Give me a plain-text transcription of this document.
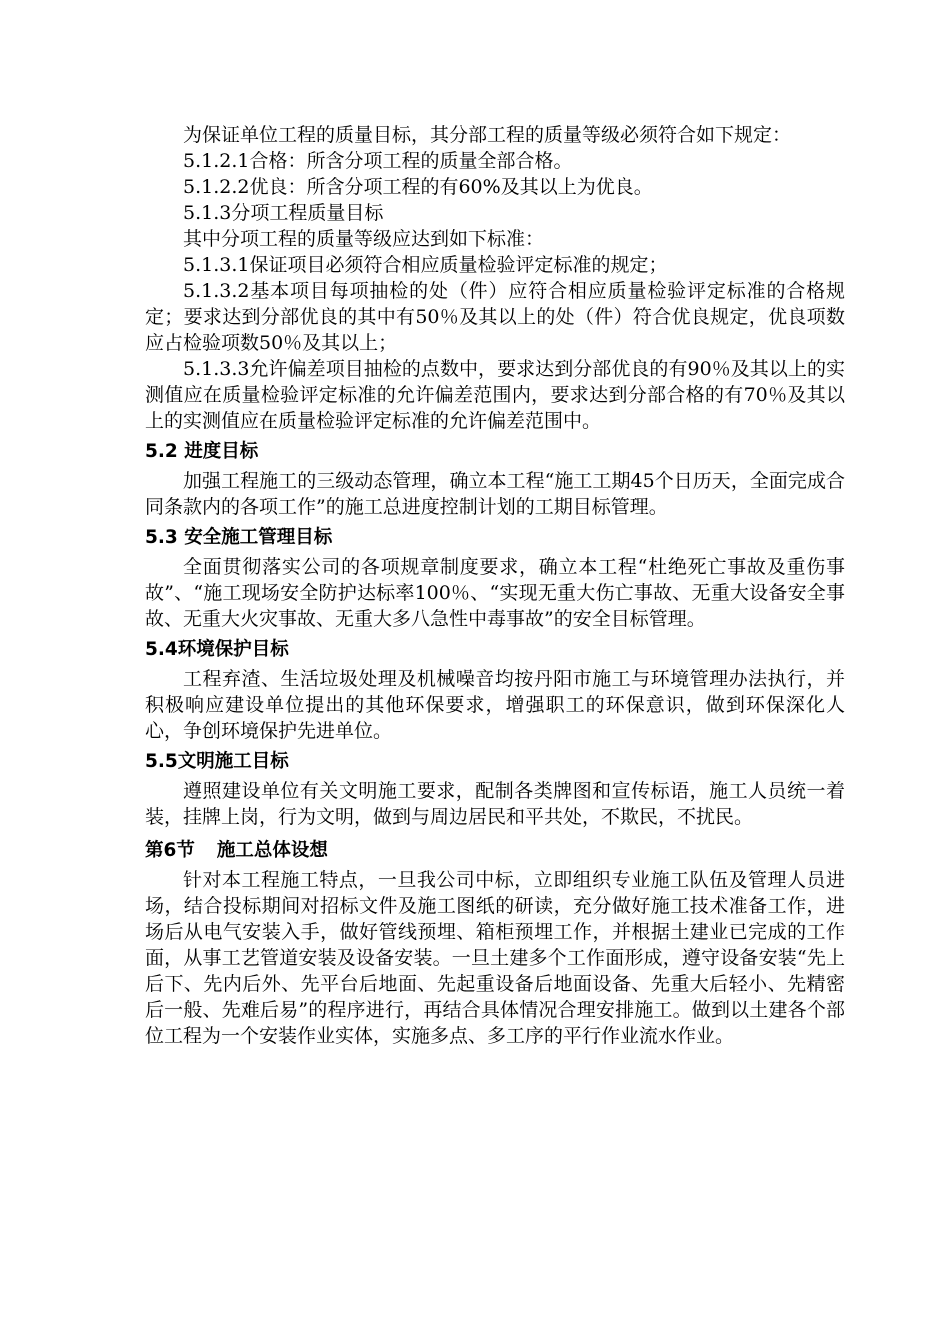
为保证单位工程的质量目标，其分部工程的质量等级必须符合如下规定：

5.1.2.1合格：所含分项工程的质量全部合格。

5.1.2.2优良：所含分项工程的有60%及其以上为优良。

5.1.3分项工程质量目标

其中分项工程的质量等级应达到如下标准：

5.1.3.1保证项目必须符合相应质量检验评定标准的规定；

5.1.3.2基本项目每项抽检的处（件）应符合相应质量检验评定标准的合格规定；要求达到分部优良的其中有50％及其以上的处（件）符合优良规定，优良项数应占检验项数50％及其以上；

5.1.3.3允许偏差项目抽检的点数中，要求达到分部优良的有90％及其以上的实测值应在质量检验评定标准的允许偏差范围内，要求达到分部合格的有70％及其以上的实测值应在质量检验评定标准的允许偏差范围中。

5.2 进度目标

加强工程施工的三级动态管理，确立本工程“施工工期45个日历天，全面完成合同条款内的各项工作”的施工总进度控制计划的工期目标管理。

5.3 安全施工管理目标

全面贯彻落实公司的各项规章制度要求，确立本工程“杜绝死亡事故及重伤事故”、“施工现场安全防护达标率100％、“实现无重大伤亡事故、无重大设备安全事故、无重大火灾事故、无重大多八急性中毒事故”的安全目标管理。

5.4环境保护目标

工程弃渣、生活垃圾处理及机械噪音均按丹阳市施工与环境管理办法执行，并积极响应建设单位提出的其他环保要求，增强职工的环保意识，做到环保深化人心，争创环境保护先进单位。

5.5文明施工目标

遵照建设单位有关文明施工要求，配制各类牌图和宣传标语，施工人员统一着装，挂牌上岗，行为文明，做到与周边居民和平共处，不欺民，不扰民。

第6节 施工总体设想

针对本工程施工特点，一旦我公司中标，立即组织专业施工队伍及管理人员进场，结合投标期间对招标文件及施工图纸的研读，充分做好施工技术准备工作，进场后从电气安装入手，做好管线预埋、箱柜预埋工作，并根据土建业已完成的工作面，从事工艺管道安装及设备安装。一旦土建多个工作面形成，遵守设备安装“先上后下、先内后外、先平台后地面、先起重设备后地面设备、先重大后轻小、先精密后一般、先难后易”的程序进行，再结合具体情况合理安排施工。做到以土建各个部位工程为一个安装作业实体，实施多点、多工序的平行作业流水作业。
